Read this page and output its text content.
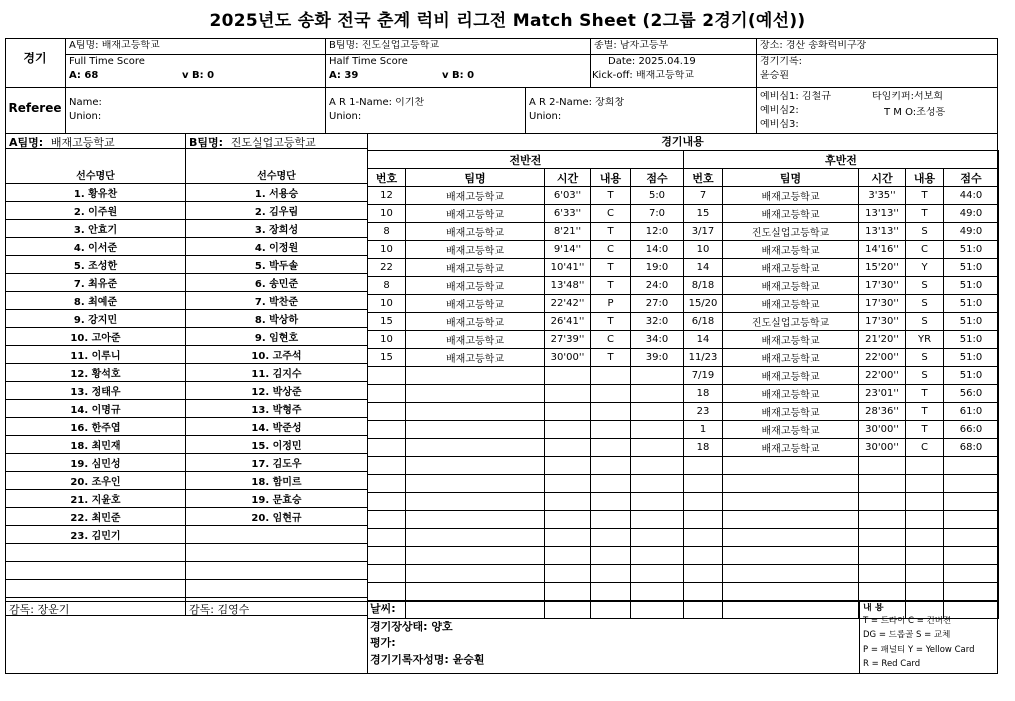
2025년도 송화 전국 춘계 럭비 리그전 Match Sheet (2그룹 2경기(예선))
경기
A팀명: 배재고등학교	B팀명: 진도실업고등학교	종별: 남자고등부	장소: 경산 송화럭비구장
Full Time Score
A: 68	v B: 0
Half Time Score
A: 39	v B: 0
Date: 2025.04.19
Kick-off: 배재고등학교
경기기록:
윤승훤
Referee Name:
Union:
A R 1-Name: 이기찬
Union:
A R 2-Name: 장희창
Union:
예비심1: 김철규
예비심2:
예비심3:
타임키퍼:서보희
T M O:조성흥
A팀명: 배재고등학교	B팀명: 진도실업고등학교	경기내용
선수명단
1. 황유찬
2. 이주원
3. 안효기
4. 이서준
5. 조성한
7. 최유준
8. 최예준
9. 강지민
10. 고아준
11. 이루니
12. 황석호
13. 정태우
14. 이명규
16. 한주엽
18. 최민재
19. 심민성
20. 조우인
21. 지윤호
22. 최민준
23. 김민기

선수명단
1. 서용승
2. 김우림
3. 장희성
4. 이정원
5. 박두솔
6. 송민준
7. 박찬준
8. 박상하
9. 임현호
10. 고주석
11. 김지수
12. 박상준
13. 박형주
14. 박준성
15. 이정민
17. 김도우
18. 함미르
19. 문효승
20. 임현규

전반전				
번호	팀명	시간	내용	점수
12	배재고등학교	6'03''	T	5:0
10	배재고등학교	6'33''	C	7:0
8	배재고등학교	8'21''	T	12:0
10	배재고등학교	9'14''	C	14:0
22	배재고등학교	10'41''	T	19:0
8	배재고등학교	13'48''	T	24:0
10	배재고등학교	22'42''	P	27:0
15	배재고등학교	26'41''	T	32:0
10	배재고등학교	27'39''	C	34:0
15	배재고등학교	30'00''	T	39:0

후반전				
번호	팀명	시간	내용	점수
7	배재고등학교	3'35''	T	44:0
15	배재고등학교	13'13''	T	49:0
3/17	진도실업고등학교	13'13''	S	49:0
10	배재고등학교	14'16''	C	51:0
14	배재고등학교	15'20''	Y	51:0
8/18	배재고등학교	17'30''	S	51:0
15/20	배재고등학교	17'30''	S	51:0
6/18	진도실업고등학교	17'30''	S	51:0
14	배재고등학교	21'20''	YR	51:0
11/23	배재고등학교	22'00''	S	51:0
7/19	배재고등학교	22'00''	S	51:0
18	배재고등학교	23'01''	T	56:0
23	배재고등학교	28'36''	T	61:0
1	배재고등학교	30'00''	T	66:0
18	배재고등학교	30'00''	C	68:0

감독: 장운기	감독: 김영수	날씨:
경기장상태: 양호
평가:
경기기록자성명: 윤승훤
내 용
T = 트라이 C = 컨버젼
DG = 드롭골 S = 교체
P = 패널티 Y = Yellow Card
R = Red Card
